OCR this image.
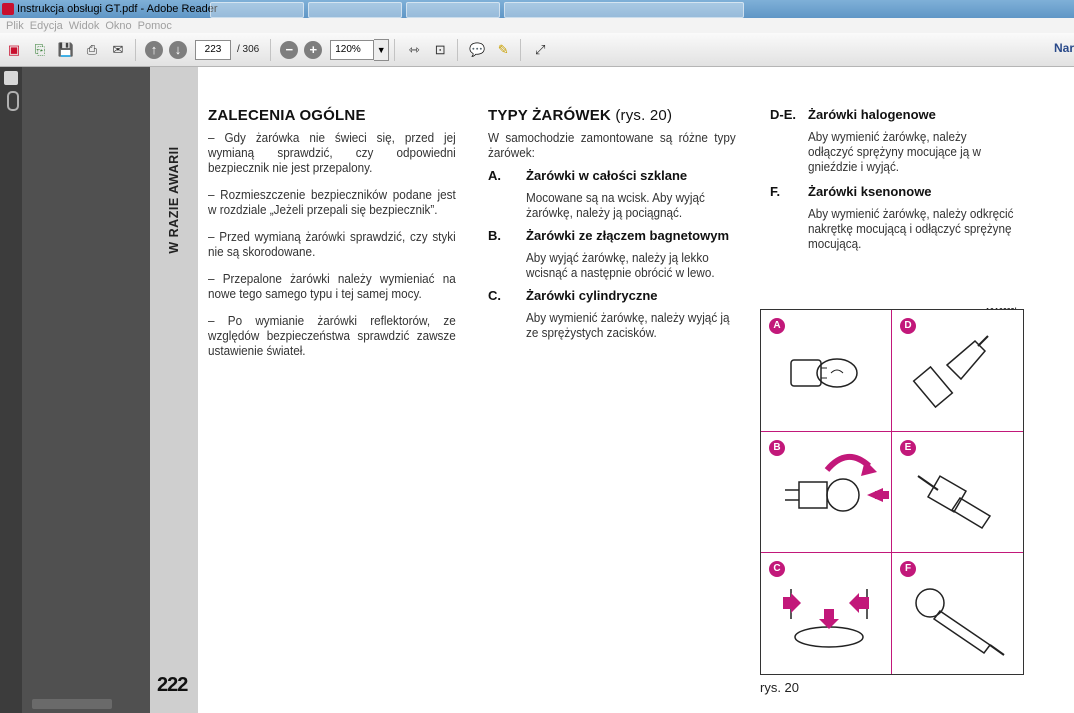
Instrukcja obsługi GT.pdf - Adobe Reader
Plik Edycja Widok Okno Pomoc
▣	⎘ 💾 ⎙	✉	↑	↓	223	/ 306	−	+	120%	▼	⇿	⊡	💬 ✎	⤢	Nar
W RAZIE AWARII
222
ZALECENIA OGÓLNE

– Gdy żarówka nie świeci się, przed jej wymianą sprawdzić, czy odpowiedni bezpiecznik nie jest przepalony.

– Rozmieszczenie bezpieczników podane jest w rozdziale „Jeżeli przepali się bezpiecznik”.

– Przed wymianą żarówki sprawdzić, czy styki nie są skorodowane.

– Przepalone żarówki należy wymieniać na nowe tego samego typu i tej samej mocy.

– Po wymianie żarówki reflektorów, ze względów bezpieczeństwa sprawdzić zawsze ustawienie świateł.

TYPY ŻARÓWEK (rys. 20)

W samochodzie zamontowane są różne typy żarówek:

A. Żarówki w całości szklane
Mocowane są na wcisk. Aby wyjąć żarówkę, należy ją pociągnąć.
B. Żarówki ze złączem bagnetowym
Aby wyjąć żarówkę, należy ją lekko wcisnąć a następnie obrócić w lewo.
C. Żarówki cylindryczne
Aby wymienić żarówkę, należy wyjąć ją ze sprężystych zacisków.
D-E. Żarówki halogenowe
Aby wymienić żarówkę, należy odłączyć sprężyny mocujące ją w gnieździe i wyjąć.
F. Żarówki ksenonowe
Aby wymienić żarówkę, należy odkręcić nakrętkę mocującą i odłączyć sprężynę mocującą.
A	D
B	E
C	F
rys. 20
